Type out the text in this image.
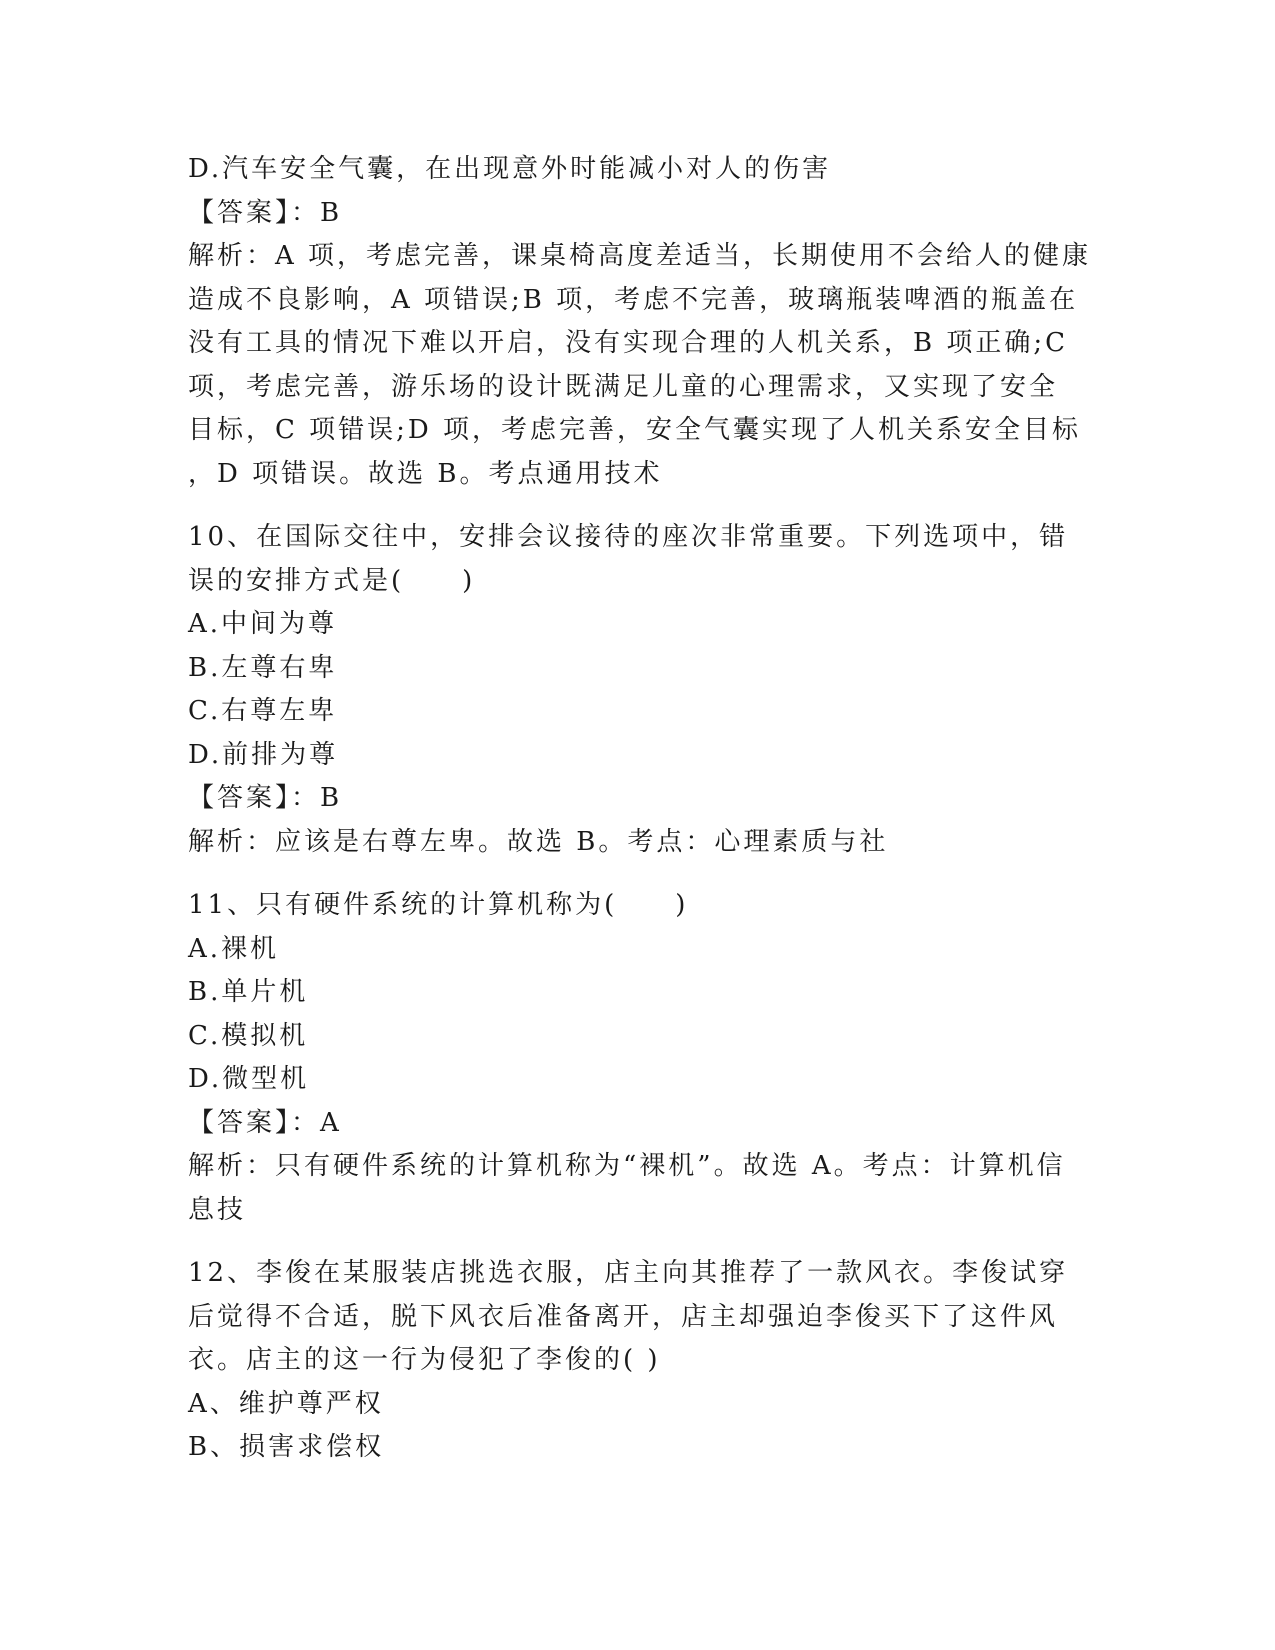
D.汽车安全气囊，在出现意外时能减小对人的伤害
【答案】：B
解析：A 项，考虑完善，课桌椅高度差适当，长期使用不会给人的健康
造成不良影响，A 项错误;B 项，考虑不完善，玻璃瓶装啤酒的瓶盖在
没有工具的情况下难以开启，没有实现合理的人机关系，B 项正确;C
项，考虑完善，游乐场的设计既满足儿童的心理需求，又实现了安全
目标，C 项错误;D 项，考虑完善，安全气囊实现了人机关系安全目标
，D 项错误。故选 B。考点通用技术
10、在国际交往中，安排会议接待的座次非常重要。下列选项中，错
误的安排方式是(　　)
A.中间为尊
B.左尊右卑
C.右尊左卑
D.前排为尊
【答案】：B
解析：应该是右尊左卑。故选 B。考点：心理素质与社
11、只有硬件系统的计算机称为(　　)
A.裸机
B.单片机
C.模拟机
D.微型机
【答案】：A
解析：只有硬件系统的计算机称为“裸机”。故选 A。考点：计算机信
息技
12、李俊在某服装店挑选衣服，店主向其推荐了一款风衣。李俊试穿
后觉得不合适，脱下风衣后准备离开，店主却强迫李俊买下了这件风
衣。店主的这一行为侵犯了李俊的( )
A、维护尊严权
B、损害求偿权
